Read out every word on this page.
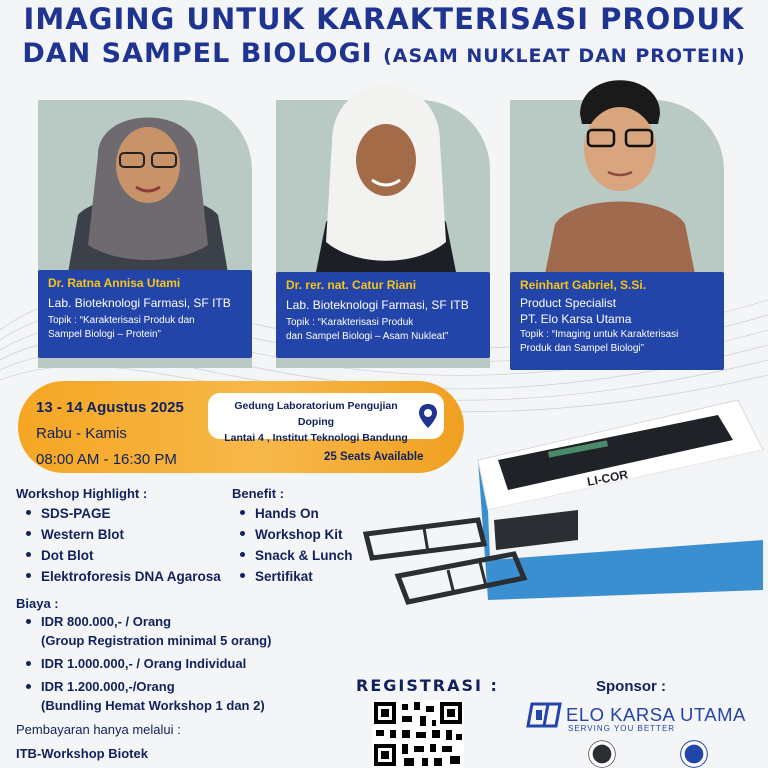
IMAGING UNTUK KARAKTERISASI PRODUK
DAN SAMPEL BIOLOGI (ASAM NUKLEAT DAN PROTEIN)
Dr. Ratna Annisa Utami
Lab. Bioteknologi Farmasi, SF ITB
Topik : “Karakterisasi Produk dan
Sampel Biologi – Protein”
Dr. rer. nat. Catur Riani
Lab. Bioteknologi Farmasi, SF ITB
Topik : “Karakterisasi Produk
dan Sampel Biologi – Asam Nukleat”
Reinhart Gabriel, S.Si.
Product Specialist
PT. Elo Karsa Utama
Topik : “Imaging untuk Karakterisasi
Produk dan Sampel Biologi”
13 - 14 Agustus 2025
Rabu - Kamis
08:00 AM - 16:30 PM
Gedung Laboratorium Pengujian Doping
Lantai 4 , Institut Teknologi Bandung
25 Seats Available
LI-COR
Workshop Highlight :
SDS-PAGE
Western Blot
Dot Blot
Elektroforesis DNA Agarosa
Benefit :
Hands On
Workshop Kit
Snack & Lunch
Sertifikat
Biaya :
IDR 800.000,- / Orang
(Group Registration minimal 5 orang)
IDR 1.000.000,- / Orang Individual
IDR 1.200.000,-/Orang
(Bundling Hemat Workshop 1 dan 2)
Pembayaran hanya melalui :
ITB-Workshop Biotek
REGISTRASI :	Sponsor :
ELO KARSA UTAMA
SERVING YOU BETTER
